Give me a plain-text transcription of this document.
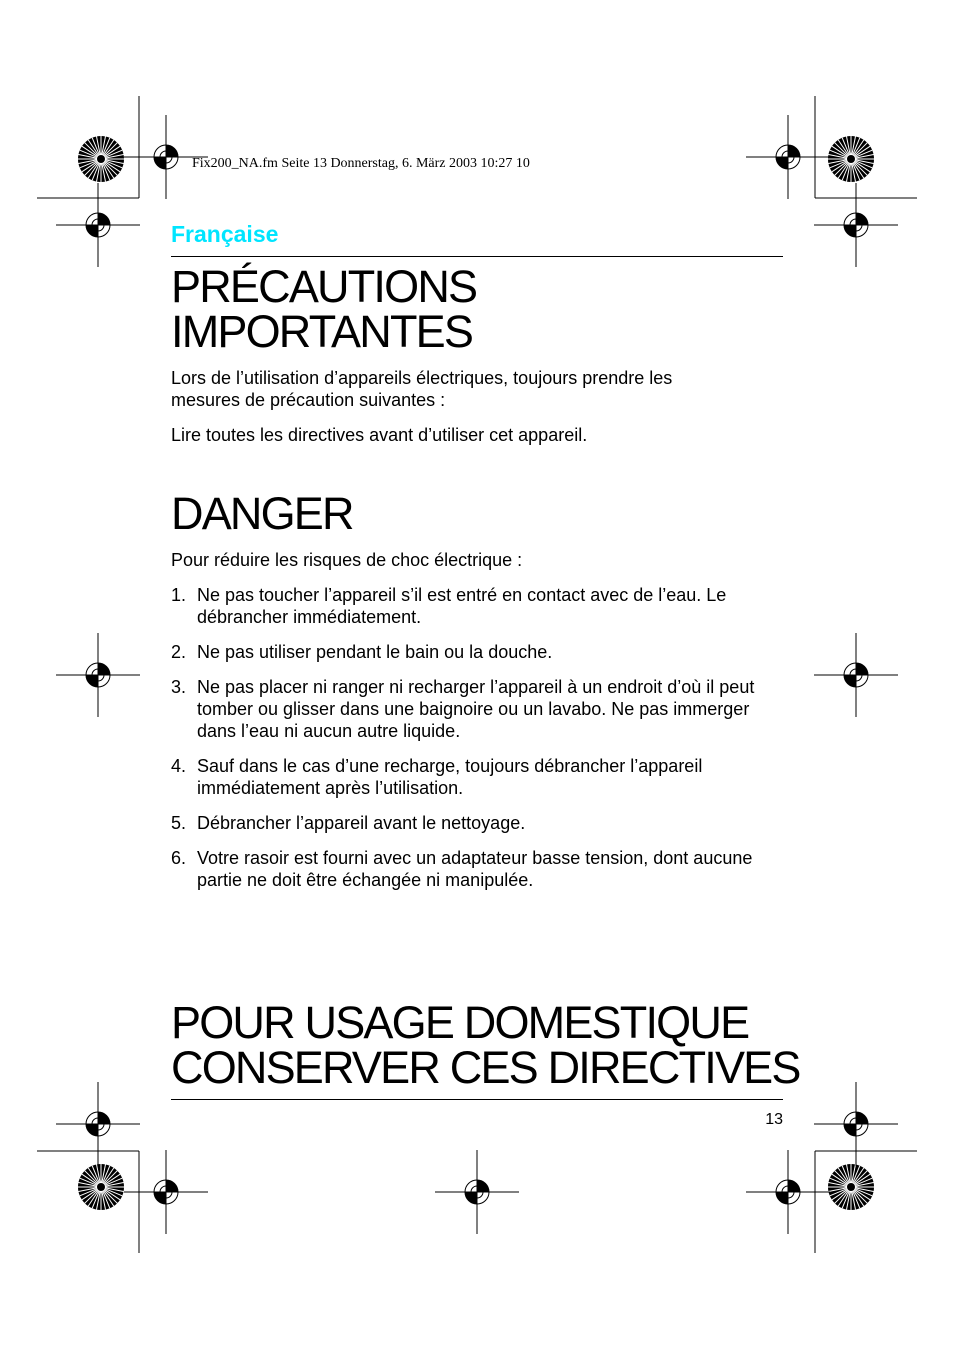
Fix200_NA.fm Seite 13 Donnerstag, 6. März 2003 10:27 10
Française
PRÉCAUTIONS
IMPORTANTES

Lors de l’utilisation d’appareils électriques, toujours prendre les mesures de précaution suivantes :

Lire toutes les directives avant d’utiliser cet appareil.

DANGER

Pour réduire les risques de choc électrique :

1. Ne pas toucher l’appareil s’il est entré en contact avec de l’eau. Le débrancher immédiatement.
2. Ne pas utiliser pendant le bain ou la douche.
3. Ne pas placer ni ranger ni recharger l’appareil à un endroit d’où il peut tomber ou glisser dans une baignoire ou un lavabo. Ne pas immerger dans l’eau ni aucun autre liquide.
4. Sauf dans le cas d’une recharge, toujours débrancher l’appareil immédiatement après l’utilisation.
5. Débrancher l’appareil avant le nettoyage.
6. Votre rasoir est fourni avec un adaptateur basse tension, dont aucune partie ne doit être échangée ni manipulée.
POUR USAGE DOMESTIQUE
CONSERVER CES DIRECTIVES
13
